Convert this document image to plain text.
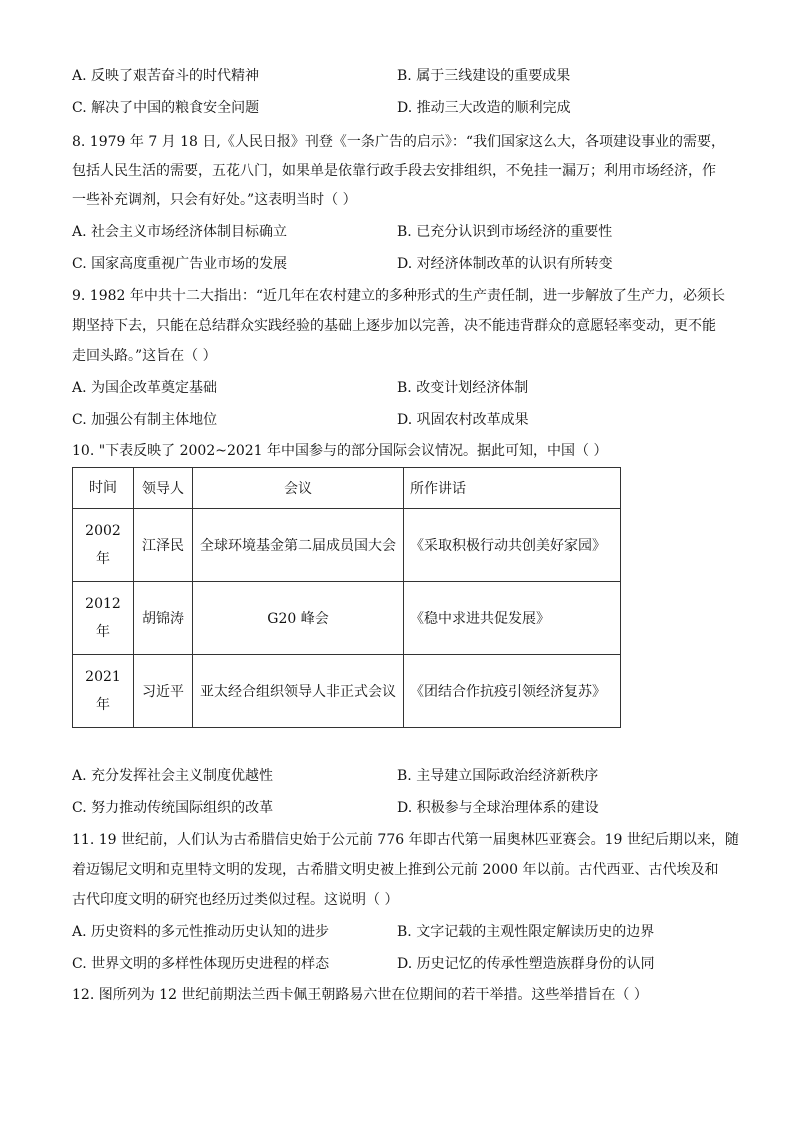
A. 反映了艰苦奋斗的时代精神	B. 属于三线建设的重要成果
C. 解决了中国的粮食安全问题	D. 推动三大改造的顺利完成
8. 1979 年 7 月 18 日,《人民日报》刊登《一条广告的启示》：“我们国家这么大，各项建设事业的需要，
包括人民生活的需要，五花八门，如果单是依靠行政手段去安排组织，不免挂一漏万；利用市场经济，作
一些补充调剂，只会有好处。”这表明当时（ ）
A. 社会主义市场经济体制目标确立	B. 已充分认识到市场经济的重要性
C. 国家高度重视广告业市场的发展	D. 对经济体制改革的认识有所转变
9. 1982 年中共十二大指出：“近几年在农村建立的多种形式的生产责任制，进一步解放了生产力，必须长
期坚持下去，只能在总结群众实践经验的基础上逐步加以完善，决不能违背群众的意愿轻率变动，更不能
走回头路。”这旨在（ ）
A. 为国企改革奠定基础	B. 改变计划经济体制
C. 加强公有制主体地位	D. 巩固农村改革成果
10. "下表反映了 2002~2021 年中国参与的部分国际会议情况。据此可知，中国（ ）
时间	领导人	会议	所作讲话

2002
年	江泽民	全球环境基金第二届成员国大会	《采取积极行动共创美好家园》

2012
年	胡锦涛	G20 峰会	《稳中求进共促发展》

2021
年	习近平	亚太经合组织领导人非正式会议	《团结合作抗疫引领经济复苏》
A. 充分发挥社会主义制度优越性	B. 主导建立国际政治经济新秩序
C. 努力推动传统国际组织的改革	D. 积极参与全球治理体系的建设
11. 19 世纪前，人们认为古希腊信史始于公元前 776 年即古代第一届奥林匹亚赛会。19 世纪后期以来，随
着迈锡尼文明和克里特文明的发现，古希腊文明史被上推到公元前 2000 年以前。古代西亚、古代埃及和
古代印度文明的研究也经历过类似过程。这说明（ ）
A. 历史资料的多元性推动历史认知的进步	B. 文字记载的主观性限定解读历史的边界
C. 世界文明的多样性体现历史进程的样态	D. 历史记忆的传承性塑造族群身份的认同
12. 图所列为 12 世纪前期法兰西卡佩王朝路易六世在位期间的若干举措。这些举措旨在（ ）
